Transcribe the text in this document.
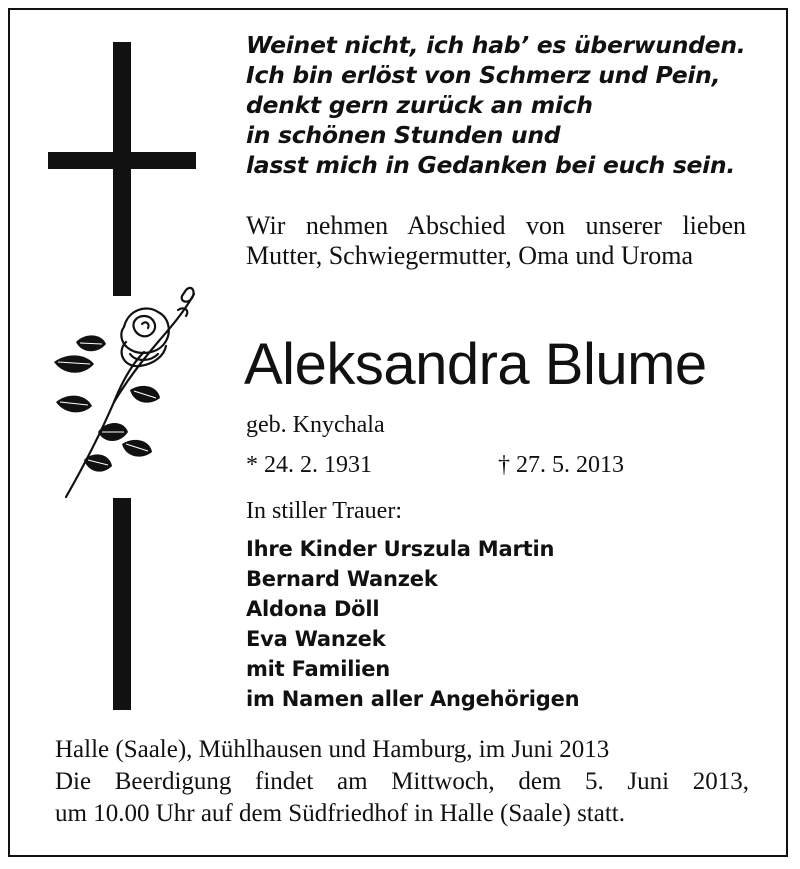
Weinet nicht, ich hab’ es überwunden.
Ich bin erlöst von Schmerz und Pein,
denkt gern zurück an mich
in schönen Stunden und
lasst mich in Gedanken bei euch sein.
Wir nehmen Abschied von unserer lieben Mutter, Schwiegermutter, Oma und Uroma
Aleksandra Blume
geb. Knychala
* 24. 2. 1931	† 27. 5. 2013
In stiller Trauer:
Ihre Kinder Urszula Martin
Bernard Wanzek
Aldona Döll
Eva Wanzek
mit Familien
im Namen aller Angehörigen
Halle (Saale), Mühlhausen und Hamburg, im Juni 2013
Die Beerdigung findet am Mittwoch, dem 5. Juni 2013,
um 10.00 Uhr auf dem Südfriedhof in Halle (Saale) statt.
